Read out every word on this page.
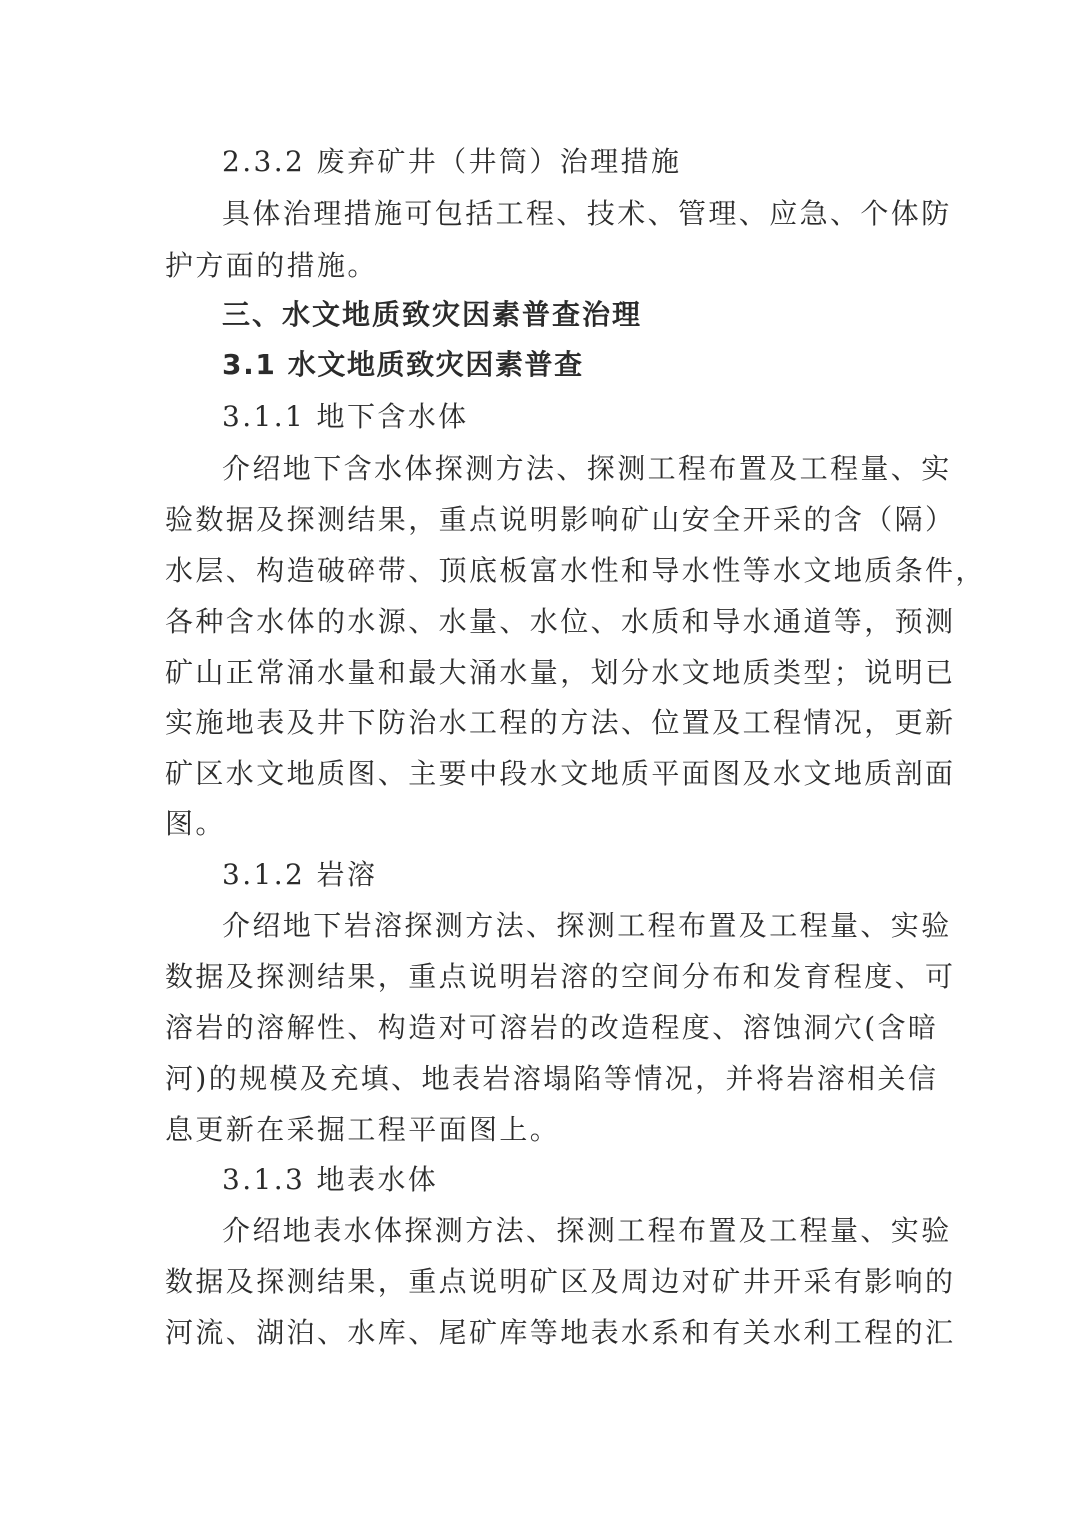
2.3.2 废弃矿井（井筒）治理措施
具体治理措施可包括工程、技术、管理、应急、个体防
护方面的措施。
三、水文地质致灾因素普查治理
3.1 水文地质致灾因素普查
3.1.1 地下含水体
介绍地下含水体探测方法、探测工程布置及工程量、实
验数据及探测结果，重点说明影响矿山安全开采的含（隔）
水层、构造破碎带、顶底板富水性和导水性等水文地质条件，
各种含水体的水源、水量、水位、水质和导水通道等，预测
矿山正常涌水量和最大涌水量，划分水文地质类型；说明已
实施地表及井下防治水工程的方法、位置及工程情况，更新
矿区水文地质图、主要中段水文地质平面图及水文地质剖面
图。
3.1.2 岩溶
介绍地下岩溶探测方法、探测工程布置及工程量、实验
数据及探测结果，重点说明岩溶的空间分布和发育程度、可
溶岩的溶解性、构造对可溶岩的改造程度、溶蚀洞穴(含暗
河)的规模及充填、地表岩溶塌陷等情况，并将岩溶相关信
息更新在采掘工程平面图上。
3.1.3 地表水体
介绍地表水体探测方法、探测工程布置及工程量、实验
数据及探测结果，重点说明矿区及周边对矿井开采有影响的
河流、湖泊、水库、尾矿库等地表水系和有关水利工程的汇
